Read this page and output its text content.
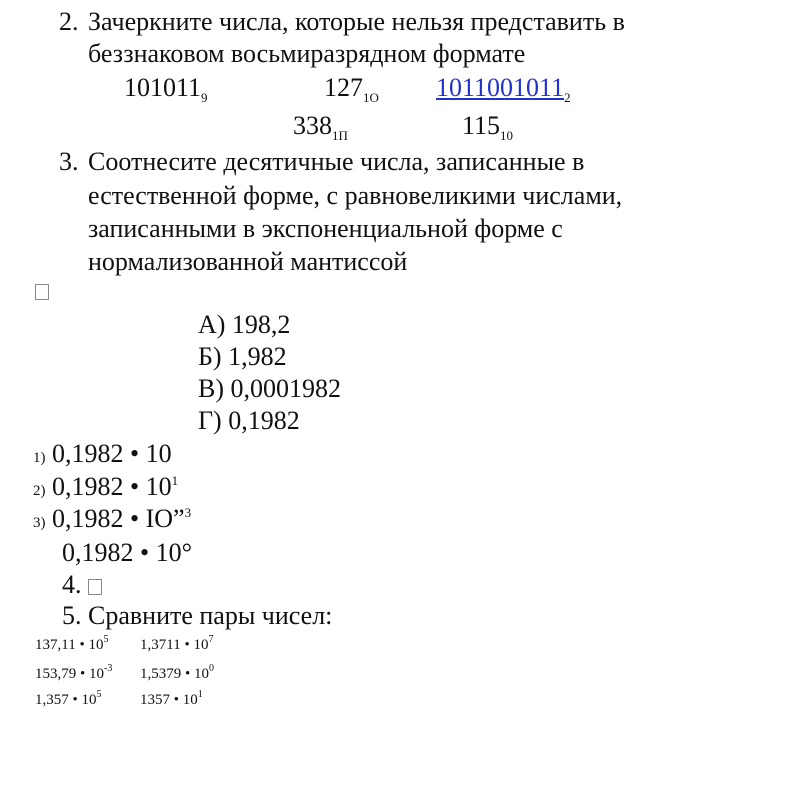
2. Зачеркните числа, которые нельзя представить в
беззнаковом восьмиразрядном формате
$101011_9$	$127_{1O}$ $1011001011_2$
$338_{1П}$	$115_{10}$
3. Соотнесите десятичные числа, записанные в
естественной форме, с равновеликими числами,
записанными в экспоненциальной форме с
нормализованной мантиссой
А) 198,2
Б) 1,982
В) 0,0001982
Г) 0,1982
1) 0,1982 • 10
2) 0,1982 • $10^1$
3) 0,1982 • IO”$^3$
0,1982 • 10°
4.
5. Сравните пары чисел:
137,11 • $10^5$ 1,3711 • $10^7$
153,79 • $10^{-3}$ 1,5379 • $10^0$
1,357 • $10^5$	1357 • $10^1$
